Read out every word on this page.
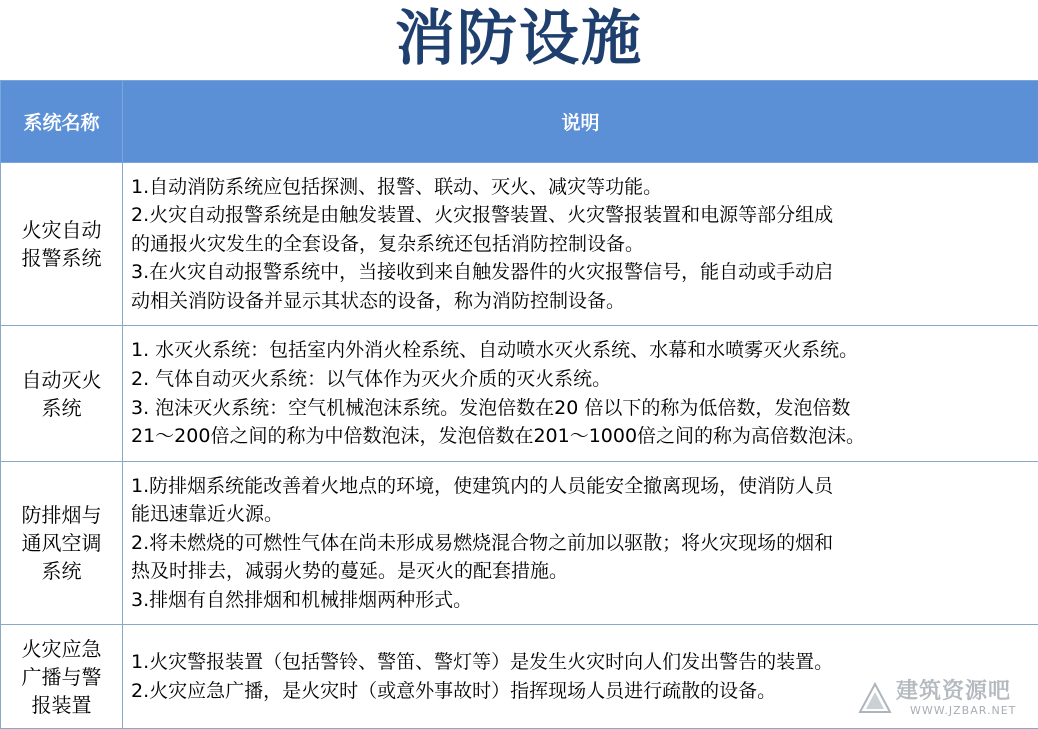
消防设施
系统名称	说明

火灾自动
报警系统	1.自动消防系统应包括探测、报警、联动、灭火、减灾等功能。
2.火灾自动报警系统是由触发装置、火灾报警装置、火灾警报装置和电源等部分组成
的通报火灾发生的全套设备，复杂系统还包括消防控制设备。
3.在火灾自动报警系统中，当接收到来自触发器件的火灾报警信号，能自动或手动启
动相关消防设备并显示其状态的设备，称为消防控制设备。

自动灭火
系统	1. 水灭火系统：包括室内外消火栓系统、自动喷水灭火系统、水幕和水喷雾灭火系统。
2. 气体自动灭火系统：以气体作为灭火介质的灭火系统。
3. 泡沫灭火系统：空气机械泡沫系统。发泡倍数在20 倍以下的称为低倍数，发泡倍数
21～200倍之间的称为中倍数泡沫，发泡倍数在201～1000倍之间的称为高倍数泡沫。

防排烟与
通风空调
系统	1.防排烟系统能改善着火地点的环境，使建筑内的人员能安全撤离现场，使消防人员
能迅速靠近火源。
2.将未燃烧的可燃性气体在尚未形成易燃烧混合物之前加以驱散；将火灾现场的烟和
热及时排去，减弱火势的蔓延。是灭火的配套措施。
3.排烟有自然排烟和机械排烟两种形式。

火灾应急
广播与警
报装置	1.火灾警报装置（包括警铃、警笛、警灯等）是发生火灾时向人们发出警告的装置。
2.火灾应急广播，是火灾时（或意外事故时）指挥现场人员进行疏散的设备。	建筑资源吧
WWW.JZBAR.NET
